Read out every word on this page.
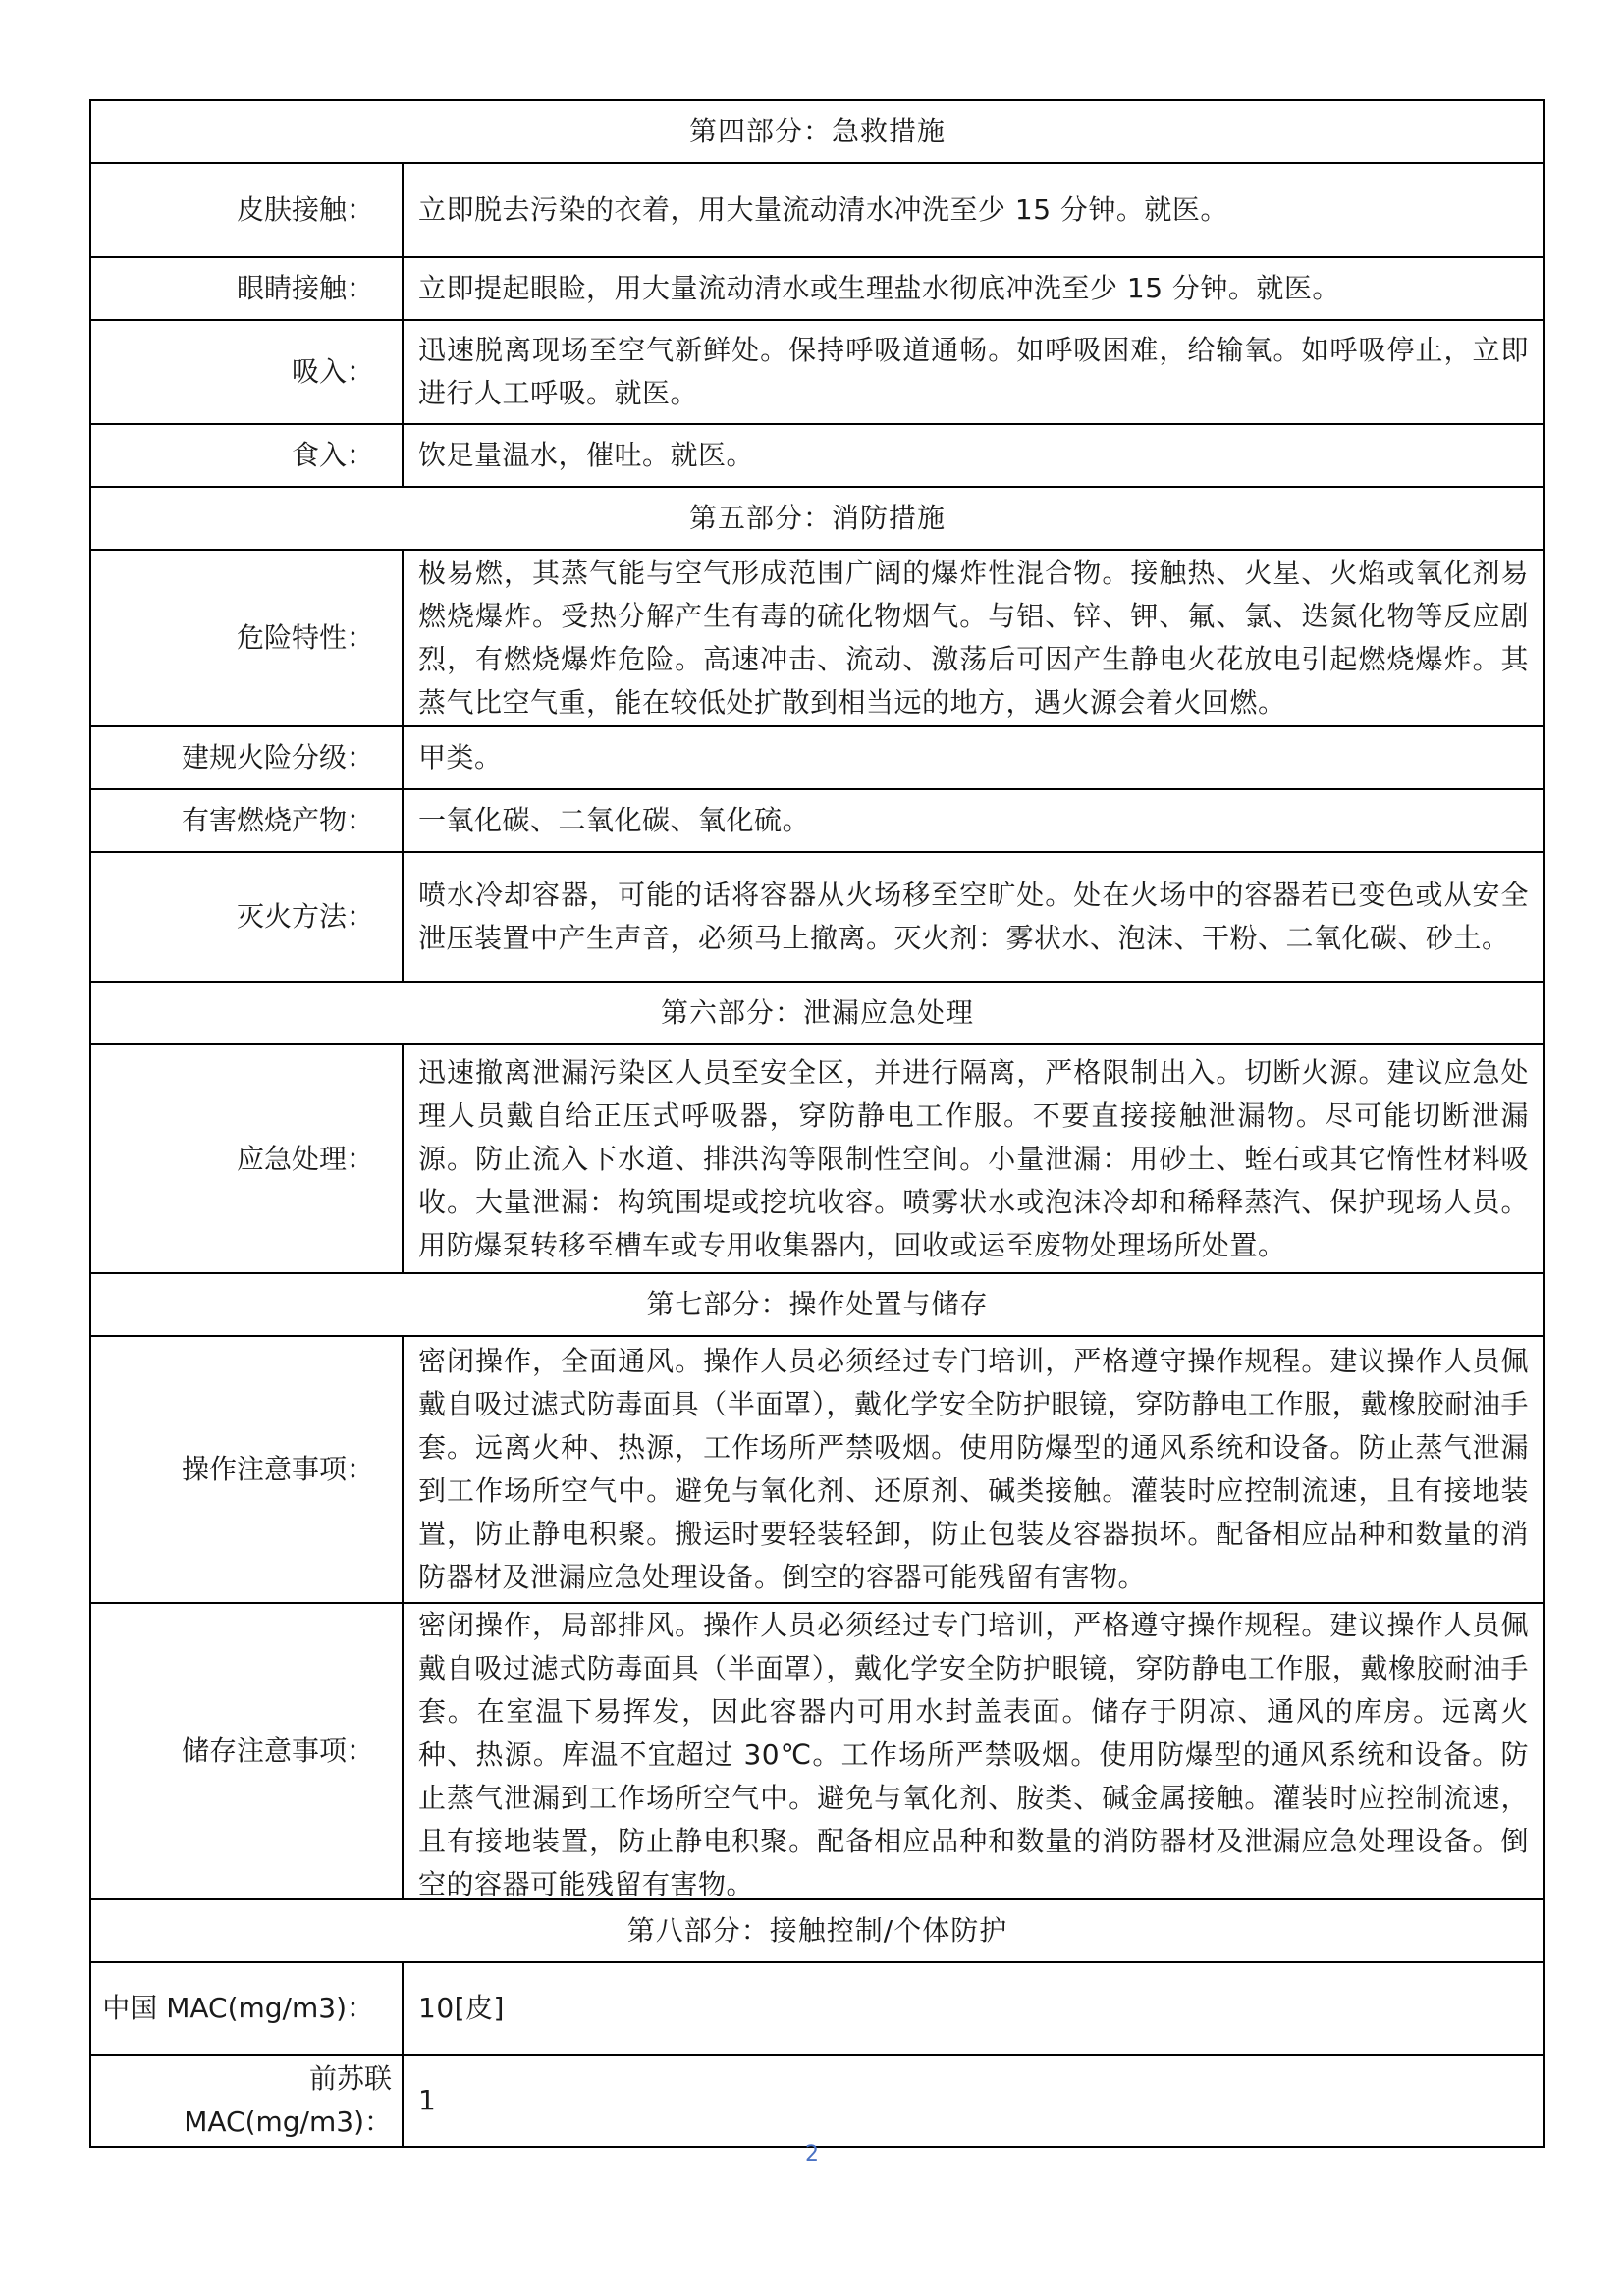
第四部分：急救措施	
皮肤接触：	立即脱去污染的衣着，用大量流动清水冲洗至少 15 分钟。就医。
眼睛接触：	立即提起眼睑，用大量流动清水或生理盐水彻底冲洗至少 15 分钟。就医。
吸入：	迅速脱离现场至空气新鲜处。保持呼吸道通畅。如呼吸困难，给输氧。如呼吸停止，立即进行人工呼吸。就医。
食入：	饮足量温水，催吐。就医。
第五部分：消防措施	
危险特性：	极易燃，其蒸气能与空气形成范围广阔的爆炸性混合物。接触热、火星、火焰或氧化剂易燃烧爆炸。受热分解产生有毒的硫化物烟气。与铝、锌、钾、氟、氯、迭氮化物等反应剧烈，有燃烧爆炸危险。高速冲击、流动、激荡后可因产生静电火花放电引起燃烧爆炸。其蒸气比空气重，能在较低处扩散到相当远的地方，遇火源会着火回燃。
建规火险分级：	甲类。
有害燃烧产物：	一氧化碳、二氧化碳、氧化硫。
灭火方法：	喷水冷却容器，可能的话将容器从火场移至空旷处。处在火场中的容器若已变色或从安全泄压装置中产生声音，必须马上撤离。灭火剂：雾状水、泡沫、干粉、二氧化碳、砂土。
第六部分：泄漏应急处理	
应急处理：	迅速撤离泄漏污染区人员至安全区，并进行隔离，严格限制出入。切断火源。建议应急处理人员戴自给正压式呼吸器，穿防静电工作服。不要直接接触泄漏物。尽可能切断泄漏源。防止流入下水道、排洪沟等限制性空间。小量泄漏：用砂土、蛭石或其它惰性材料吸收。大量泄漏：构筑围堤或挖坑收容。喷雾状水或泡沫冷却和稀释蒸汽、保护现场人员。用防爆泵转移至槽车或专用收集器内，回收或运至废物处理场所处置。
第七部分：操作处置与储存	
操作注意事项：	密闭操作，全面通风。操作人员必须经过专门培训，严格遵守操作规程。建议操作人员佩戴自吸过滤式防毒面具（半面罩），戴化学安全防护眼镜，穿防静电工作服，戴橡胶耐油手套。远离火种、热源，工作场所严禁吸烟。使用防爆型的通风系统和设备。防止蒸气泄漏到工作场所空气中。避免与氧化剂、还原剂、碱类接触。灌装时应控制流速，且有接地装置，防止静电积聚。搬运时要轻装轻卸，防止包装及容器损坏。配备相应品种和数量的消防器材及泄漏应急处理设备。倒空的容器可能残留有害物。
储存注意事项：	密闭操作，局部排风。操作人员必须经过专门培训，严格遵守操作规程。建议操作人员佩戴自吸过滤式防毒面具（半面罩），戴化学安全防护眼镜，穿防静电工作服，戴橡胶耐油手套。在室温下易挥发，因此容器内可用水封盖表面。储存于阴凉、通风的库房。远离火种、热源。库温不宜超过 30℃。工作场所严禁吸烟。使用防爆型的通风系统和设备。防止蒸气泄漏到工作场所空气中。避免与氧化剂、胺类、碱金属接触。灌装时应控制流速，且有接地装置，防止静电积聚。配备相应品种和数量的消防器材及泄漏应急处理设备。倒空的容器可能残留有害物。

第八部分：接触控制/个体防护	
中国 MAC(mg/m3)：	10[皮]
前苏联 MAC(mg/m3)：	1
2
